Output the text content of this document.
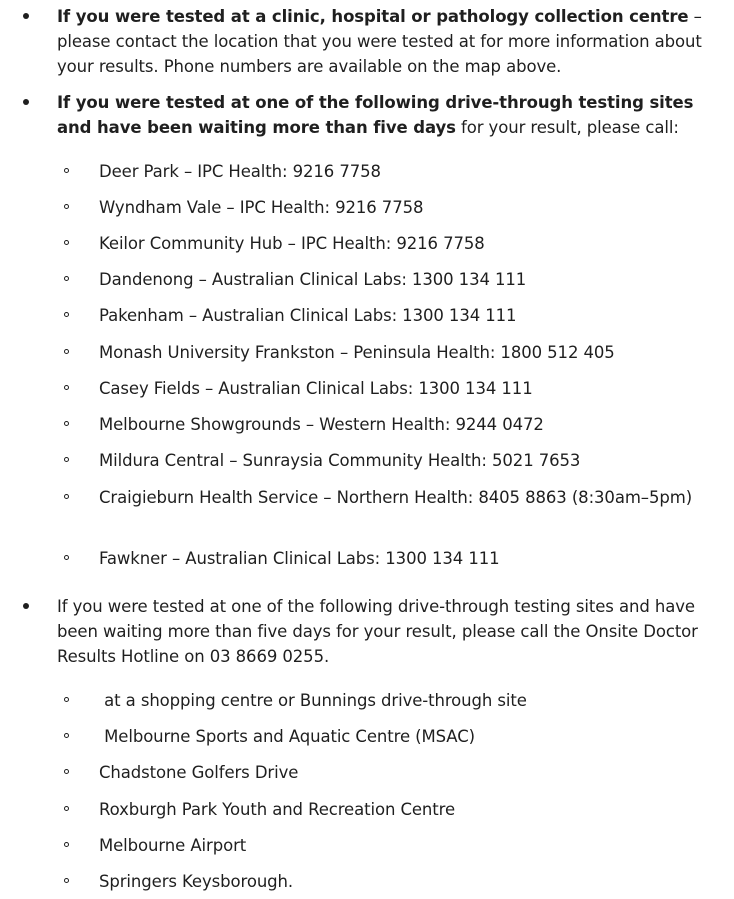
If you were tested at a clinic, hospital or pathology collection centre – please contact the location that you were tested at for more information about your results. Phone numbers are available on the map above.
If you were tested at one of the following drive-through testing sites and have been waiting more than five days for your result, please call:
Deer Park – IPC Health: 9216 7758
Wyndham Vale – IPC Health: 9216 7758
Keilor Community Hub – IPC Health: 9216 7758
Dandenong – Australian Clinical Labs: 1300 134 111
Pakenham – Australian Clinical Labs: 1300 134 111
Monash University Frankston – Peninsula Health: 1800 512 405
Casey Fields – Australian Clinical Labs: 1300 134 111
Melbourne Showgrounds – Western Health: 9244 0472
Mildura Central – Sunraysia Community Health: 5021 7653
Craigieburn Health Service – Northern Health: 8405 8863 (8:30am–5pm)
Fawkner – Australian Clinical Labs: 1300 134 111
If you were tested at one of the following drive-through testing sites and have been waiting more than five days for your result, please call the Onsite Doctor Results Hotline on 03 8669 0255.
at a shopping centre or Bunnings drive-through site
Melbourne Sports and Aquatic Centre (MSAC)
Chadstone Golfers Drive
Roxburgh Park Youth and Recreation Centre
Melbourne Airport
Springers Keysborough.
